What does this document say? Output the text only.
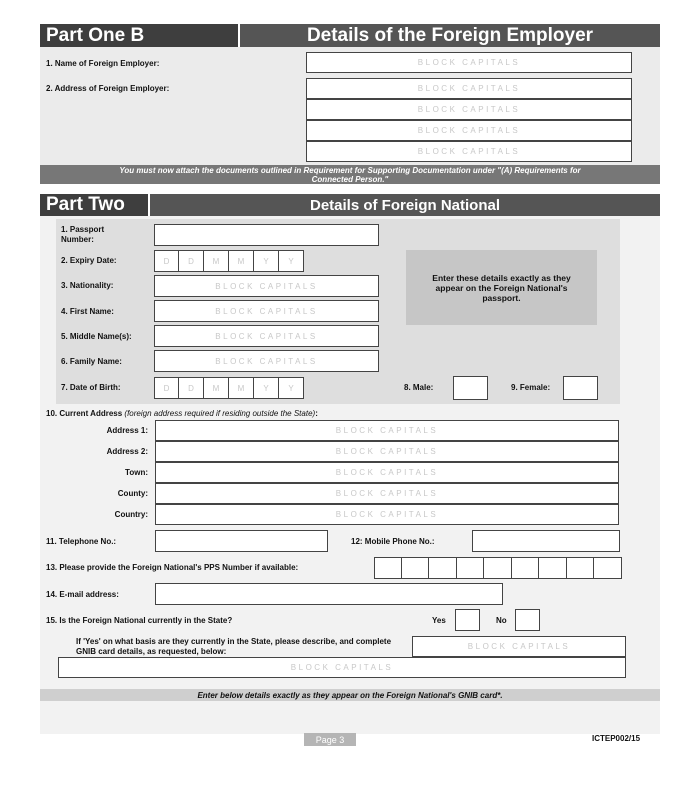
Part One B	Details of the Foreign Employer
1. Name of Foreign Employer:	BLOCK CAPITALS
2. Address of Foreign Employer:	BLOCK CAPITALS
BLOCK CAPITALS
BLOCK CAPITALS
BLOCK CAPITALS
You must now attach the documents outlined in Requirement for Supporting Documentation under "(A) Requirements for Connected Person."
Part Two	Details of Foreign National
1. Passport
Number:
2. Expiry Date:	D	D	M	M	Y	Y
3. Nationality:	BLOCK CAPITALS
4. First Name:	BLOCK CAPITALS
5. Middle Name(s):	BLOCK CAPITALS
6. Family Name:	BLOCK CAPITALS
7. Date of Birth:	D	D	M	M	Y	Y
Enter these details exactly as they appear on the Foreign National's passport.
8. Male:	9. Female:
10. Current Address (foreign address required if residing outside the State):
Address 1:	BLOCK CAPITALS
Address 2:	BLOCK CAPITALS
Town:	BLOCK CAPITALS
County:	BLOCK CAPITALS
Country:	BLOCK CAPITALS
11. Telephone No.:	12: Mobile Phone No.:
13. Please provide the Foreign National's PPS Number if available:
14. E-mail address:
15. Is the Foreign National currently in the State?	Yes	No
If 'Yes' on what basis are they currently in the State, please describe, and complete GNIB card details, as requested, below:
BLOCK CAPITALS
BLOCK CAPITALS
Enter below details exactly as they appear on the Foreign National's GNIB card*.
Page 3	ICTEP002/15
